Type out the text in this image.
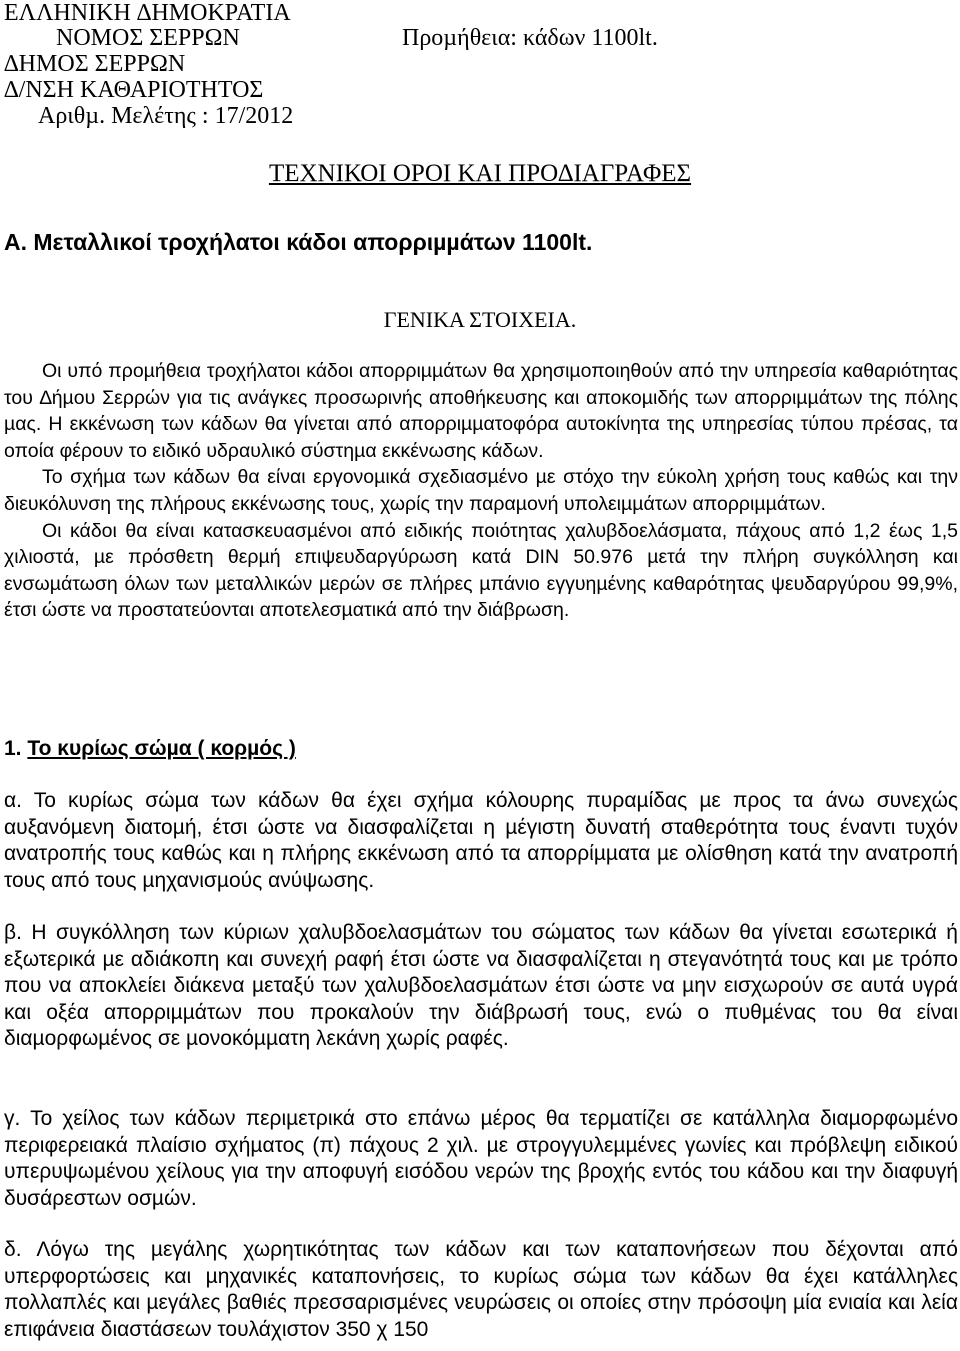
ΕΛΛΗΝΙΚΗ ∆ΗΜΟΚΡΑΤΙΑ
ΝΟΜΟΣ ΣΕΡΡΩΝ
∆ΗΜΟΣ ΣΕΡΡΩΝ
∆/ΝΣΗ ΚΑΘΑΡΙΟΤΗΤΟΣ
Αριθµ. Μελέτης : 17/2012
Προµήθεια: κάδων 1100lt.
ΤΕΧΝΙΚΟΙ ΟΡΟΙ ΚΑΙ ΠΡΟ∆ΙΑΓΡΑΦΕΣ
Α. Μεταλλικοί τροχήλατοι κάδοι απορριµµάτων 1100lt.
ΓΕΝΙΚΑ ΣΤΟΙΧΕΙΑ.

Οι υπό προµήθεια τροχήλατοι κάδοι απορριµµάτων θα χρησιµοποιηθούν από την υπηρεσία καθαριότητας του ∆ήµου Σερρών για τις ανάγκες προσωρινής αποθήκευσης και αποκοµιδής των απορριµµάτων της πόλης µας. Η εκκένωση των κάδων θα γίνεται από απορριµµατοφόρα αυτοκίνητα της υπηρεσίας τύπου πρέσας, τα οποία φέρουν το ειδικό υδραυλικό σύστηµα εκκένωσης κάδων.

Το σχήµα των κάδων θα είναι εργονοµικά σχεδιασµένο µε στόχο την εύκολη χρήση τους καθώς και την διευκόλυνση της πλήρους εκκένωσης τους, χωρίς την παραµονή υπολειµµάτων απορριµµάτων.

Οι κάδοι θα είναι κατασκευασµένοι από ειδικής ποιότητας χαλυβδοελάσµατα, πάχους από 1,2 έως 1,5 χιλιοστά, µε πρόσθετη θερµή επιψευδαργύρωση κατά DIN 50.976 µετά την πλήρη συγκόλληση και ενσωµάτωση όλων των µεταλλικών µερών σε πλήρες µπάνιο εγγυηµένης καθαρότητας ψευδαργύρου 99,9%, έτσι ώστε να προστατεύονται αποτελεσµατικά από την διάβρωση.

1. Το κυρίως σώµα ( κορµός )

α. Το κυρίως σώµα των κάδων θα έχει σχήµα κόλουρης πυραµίδας µε προς τα άνω συνεχώς αυξανόµενη διατοµή, έτσι ώστε να διασφαλίζεται η µέγιστη δυνατή σταθερότητα τους έναντι τυχόν ανατροπής τους καθώς και η πλήρης εκκένωση από τα απορρίµµατα µε ολίσθηση κατά την ανατροπή τους από τους µηχανισµούς ανύψωσης.

β. Η συγκόλληση των κύριων χαλυβδοελασµάτων του σώµατος των κάδων θα γίνεται εσωτερικά ή εξωτερικά µε αδιάκοπη και συνεχή ραφή έτσι ώστε να διασφαλίζεται η στεγανότητά τους και µε τρόπο που να αποκλείει διάκενα µεταξύ των χαλυβδοελασµάτων έτσι ώστε να µην εισχωρούν σε αυτά υγρά και οξέα απορριµµάτων που προκαλούν την διάβρωσή τους, ενώ ο πυθµένας του θα είναι διαµορφωµένος σε µονοκόµµατη λεκάνη χωρίς ραφές.

γ. Το χείλος των κάδων περιµετρικά στο επάνω µέρος θα τερµατίζει σε κατάλληλα διαµορφωµένο περιφερειακά πλαίσιο σχήµατος (π) πάχους 2 χιλ. µε στρογγυλεµµένες γωνίες και πρόβλεψη ειδικού υπερυψωµένου χείλους για την αποφυγή εισόδου νερών της βροχής εντός του κάδου και την διαφυγή δυσάρεστων οσµών.

δ. Λόγω της µεγάλης χωρητικότητας των κάδων και των καταπονήσεων που δέχονται από υπερφορτώσεις και µηχανικές καταπονήσεις, το κυρίως σώµα των κάδων θα έχει κατάλληλες πολλαπλές και µεγάλες βαθιές πρεσσαρισµένες νευρώσεις οι οποίες στην πρόσοψη µία ενιαία και λεία επιφάνεια διαστάσεων τουλάχιστον 350 χ 150
